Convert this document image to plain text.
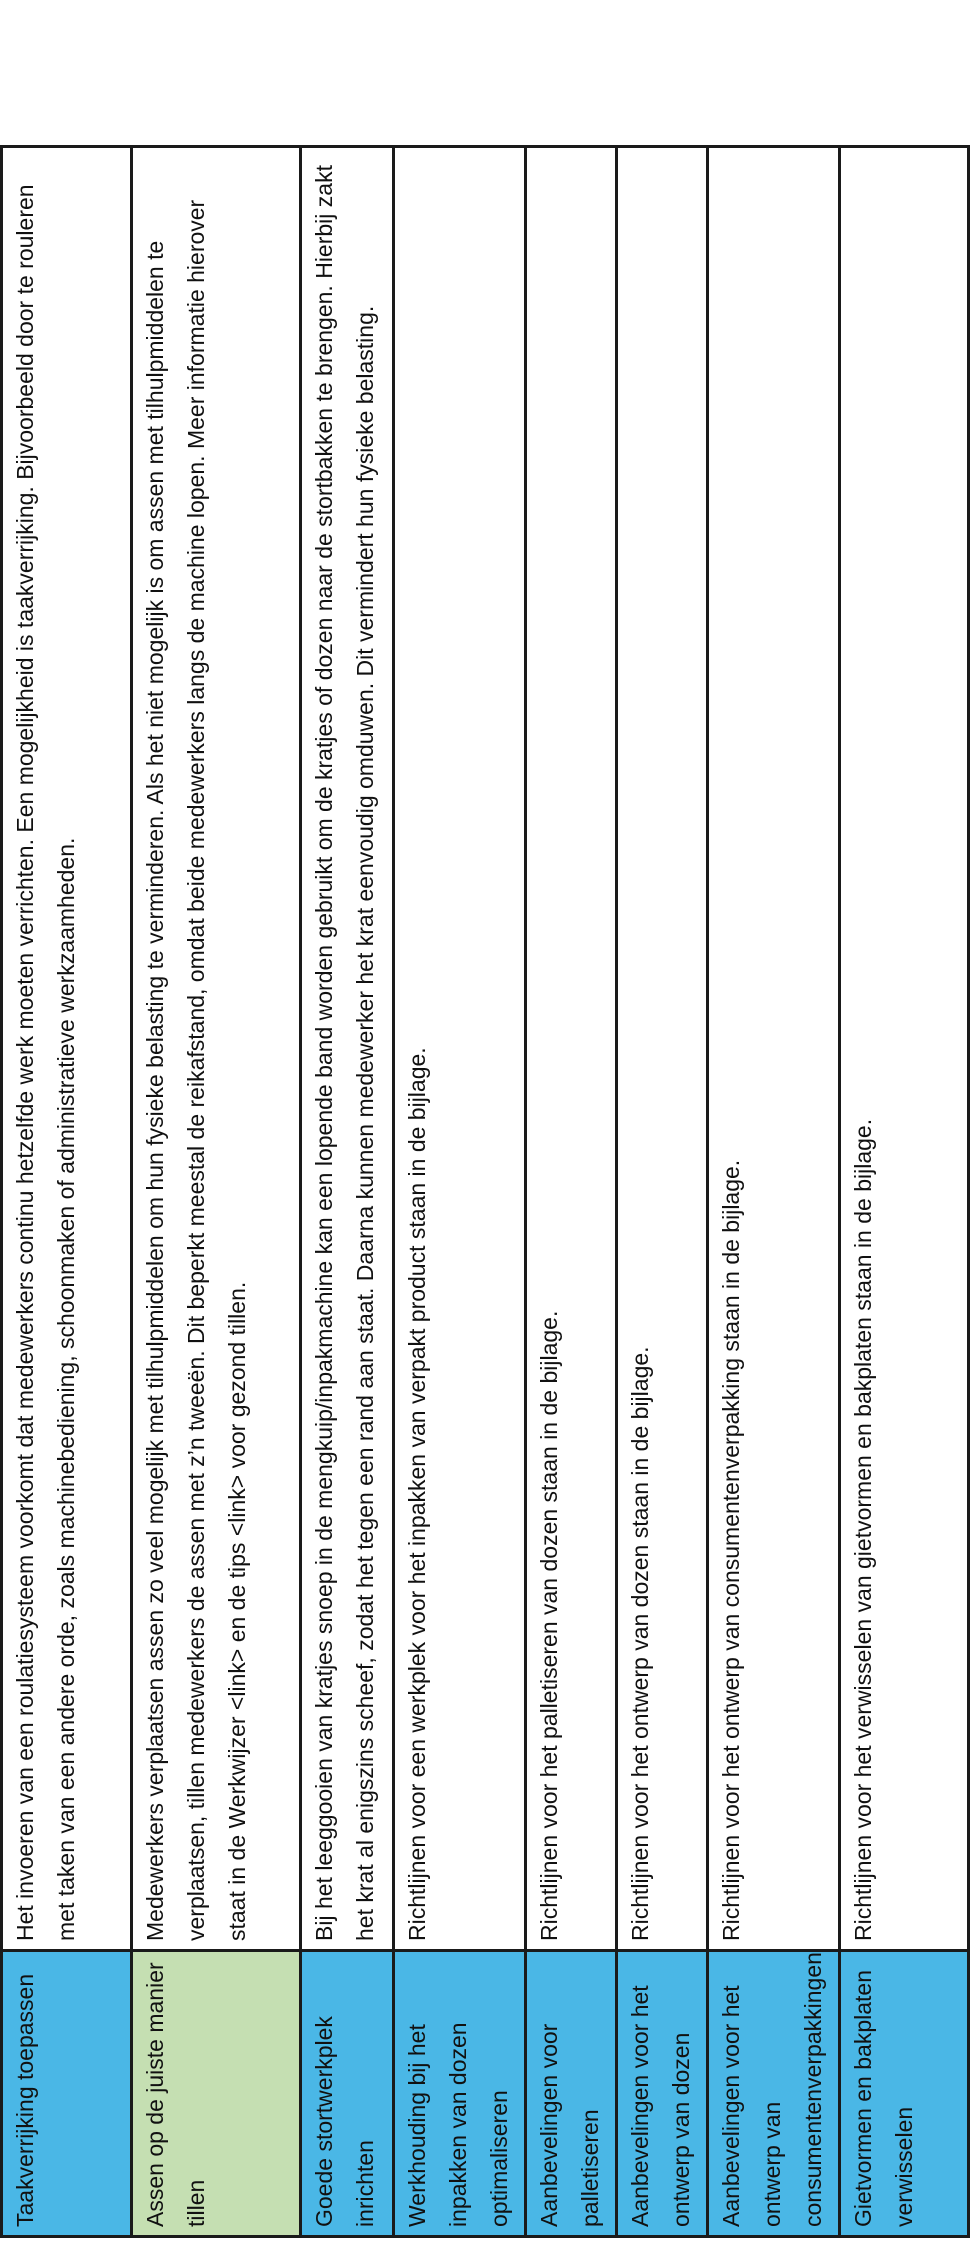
Taakverrijking toepassen	Het invoeren van een roulatiesysteem voorkomt dat medewerkers continu hetzelfde werk moeten verrichten. Een mogelijkheid is taakverrijking. Bijvoorbeeld door te rouleren met taken van een andere orde, zoals machinebediening, schoonmaken of administratieve werkzaamheden.
Assen op de juiste manier tillen	Medewerkers verplaatsen assen zo veel mogelijk met tilhulpmiddelen om hun fysieke belasting te verminderen. Als het niet mogelijk is om assen met tilhulpmiddelen te verplaatsen, tillen medewerkers de assen met z’n tweeën. Dit beperkt meestal de reikafstand, omdat beide medewerkers langs de machine lopen. Meer informatie hierover staat in de Werkwijzer <link> en de tips <link> voor gezond tillen.
Goede stortwerkplek inrichten	Bij het leeggooien van kratjes snoep in de mengkuip/inpakmachine kan een lopende band worden gebruikt om de kratjes of dozen naar de stortbakken te brengen. Hierbij zakt het krat al enigszins scheef, zodat het tegen een rand aan staat. Daarna kunnen medewerker het krat eenvoudig omduwen. Dit vermindert hun fysieke belasting.
Werkhouding bij het inpakken van dozen optimaliseren	Richtlijnen voor een werkplek voor het inpakken van verpakt product staan in de bijlage.
Aanbevelingen voor palletiseren	Richtlijnen voor het palletiseren van dozen staan in de bijlage.
Aanbevelingen voor het ontwerp van dozen	Richtlijnen voor het ontwerp van dozen staan in de bijlage.
Aanbevelingen voor het ontwerp van consumentenverpakkingen	Richtlijnen voor het ontwerp van consumentenverpakking staan in de bijlage.
Gietvormen en bakplaten verwisselen	Richtlijnen voor het verwisselen van gietvormen en bakplaten staan in de bijlage.
